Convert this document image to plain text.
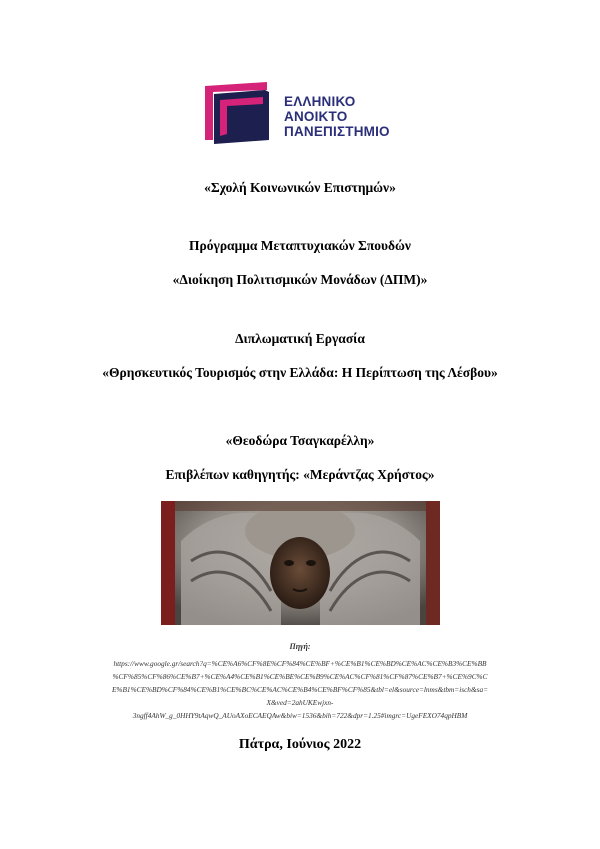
ΕΛΛΗΝΙΚΟ
ΑΝΟΙΚΤΟ
ΠΑΝΕΠΙΣΤΗΜΙΟ
«Σχολή Κοινωνικών Επιστημών»
Πρόγραμμα Μεταπτυχιακών Σπουδών
«Διοίκηση Πολιτισμικών Μονάδων (ΔΠΜ)»
Διπλωματική Εργασία
«Θρησκευτικός Τουρισμός στην Ελλάδα: Η Περίπτωση της Λέσβου»
«Θεοδώρα Τσαγκαρέλλη»
Επιβλέπων καθηγητής: «Μεράντζας Χρήστος»
Πηγή:
https://www.google.gr/search?q=%CE%A6%CF%8E%CF%84%CE%BF+%CE%B1%CE%BD%CE%AC%CE%B3%CE%BB
%CF%85%CF%86%CE%B7+%CE%A4%CE%B1%CE%BE%CE%B9%CE%AC%CF%81%CF%87%CE%B7+%CE%9C%C
E%B1%CE%BD%CF%84%CE%B1%CE%BC%CE%AC%CE%B4%CE%BF%CF%85&tbl=el&source=lnms&tbm=isch&sa=
X&ved=2ahUKEwjxn-
3ngff4AhW_g_0HHY9tAqwQ_AUoAXoECAEQAw&biw=1536&bih=722&dpr=1.25#imgrc=UgeFEXO74qpHBM
Πάτρα, Ιούνιος 2022
